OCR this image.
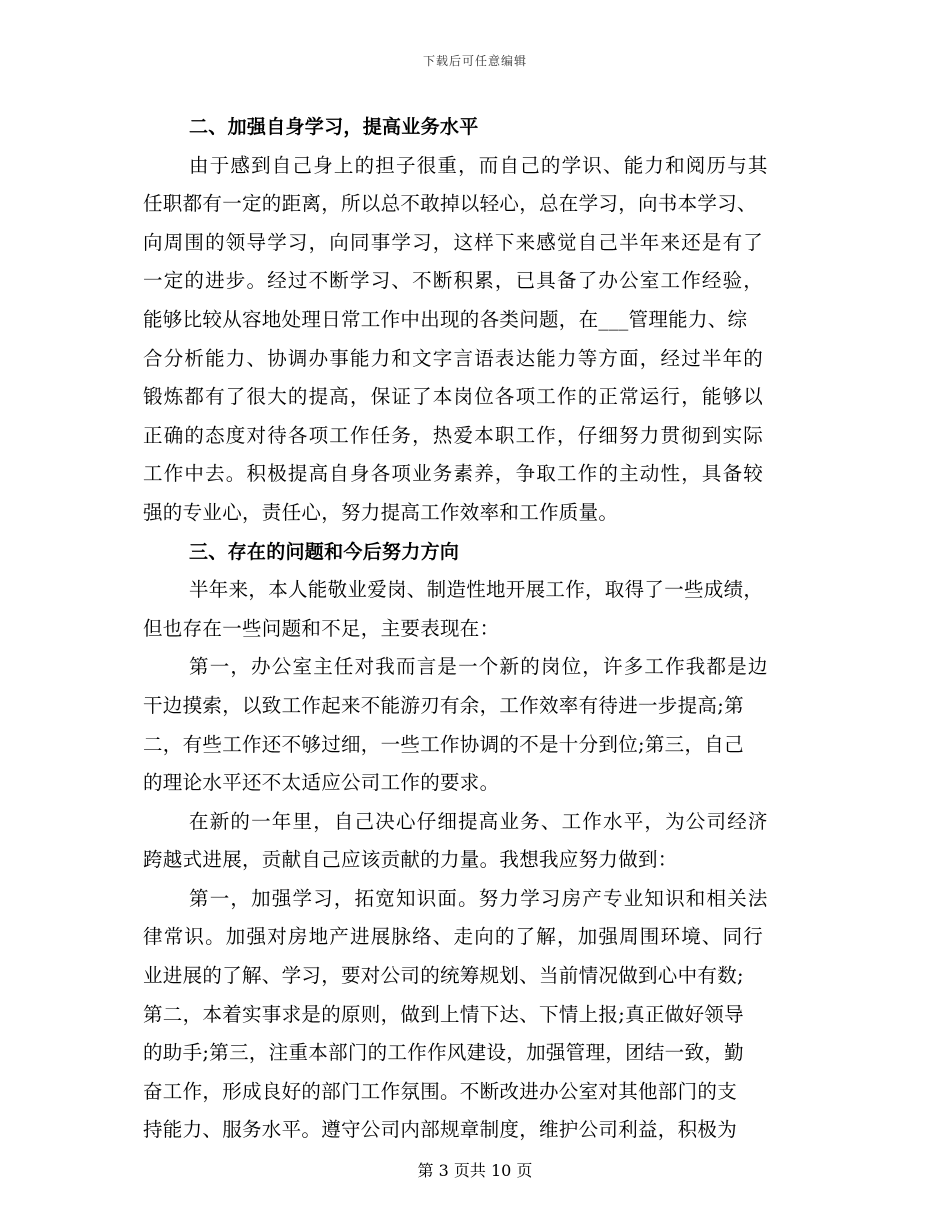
下载后可任意编辑
二、加强自身学习，提高业务水平
由于感到自己身上的担子很重，而自己的学识、能力和阅历与其
任职都有一定的距离，所以总不敢掉以轻心，总在学习，向书本学习、
向周围的领导学习，向同事学习，这样下来感觉自己半年来还是有了
一定的进步。经过不断学习、不断积累，已具备了办公室工作经验，
能够比较从容地处理日常工作中出现的各类问题，在___管理能力、综
合分析能力、协调办事能力和文字言语表达能力等方面，经过半年的
锻炼都有了很大的提高，保证了本岗位各项工作的正常运行，能够以
正确的态度对待各项工作任务，热爱本职工作，仔细努力贯彻到实际
工作中去。积极提高自身各项业务素养，争取工作的主动性，具备较
强的专业心，责任心，努力提高工作效率和工作质量。
三、存在的问题和今后努力方向
半年来，本人能敬业爱岗、制造性地开展工作，取得了一些成绩，
但也存在一些问题和不足，主要表现在：
第一，办公室主任对我而言是一个新的岗位，许多工作我都是边
干边摸索，以致工作起来不能游刃有余，工作效率有待进一步提高;第
二，有些工作还不够过细，一些工作协调的不是十分到位;第三，自己
的理论水平还不太适应公司工作的要求。
在新的一年里，自己决心仔细提高业务、工作水平，为公司经济
跨越式进展，贡献自己应该贡献的力量。我想我应努力做到：
第一，加强学习，拓宽知识面。努力学习房产专业知识和相关法
律常识。加强对房地产进展脉络、走向的了解，加强周围环境、同行
业进展的了解、学习，要对公司的统筹规划、当前情况做到心中有数;
第二，本着实事求是的原则，做到上情下达、下情上报;真正做好领导
的助手;第三，注重本部门的工作作风建设，加强管理，团结一致，勤
奋工作，形成良好的部门工作氛围。不断改进办公室对其他部门的支
持能力、服务水平。遵守公司内部规章制度，维护公司利益，积极为
第 3 页共 10 页
